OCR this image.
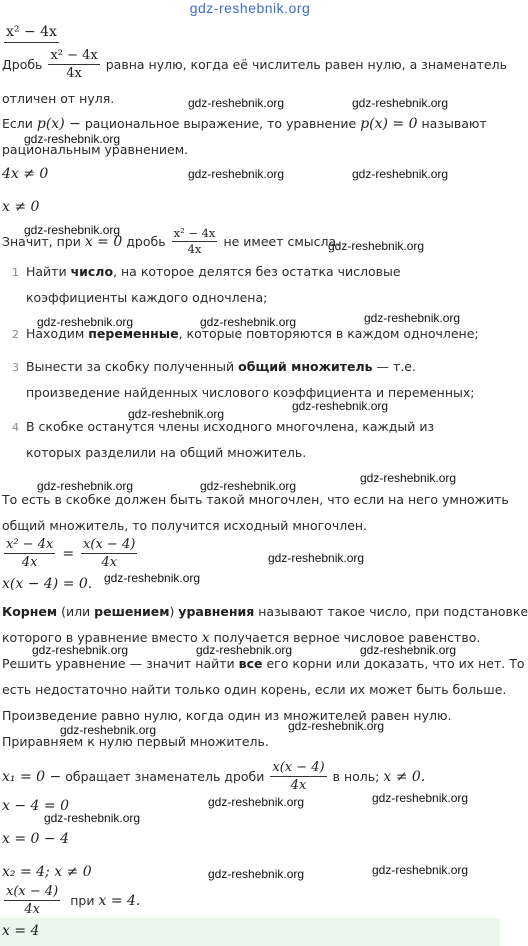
gdz-reshebnik.org
x² − 4x
Дробь $\frac{\text{x² − 4x}}{4x}$ равна нулю, когда её числитель равен нулю, а знаменатель
отличен от нуля.
Если p(x) − рациональное выражение, то уравнение p(x) = 0 называют
рациональным уравнением.
4x ≠ 0
x ≠ 0
Значит, при x = 0 дробь $\frac{\text{x² − 4x}}{4x}$ не имеет смысла.
1 Найти число, на которое делятся без остатка числовые коэффициенты каждого одночлена;
2 Находим переменные, которые повторяются в каждом одночлене;
3 Вынести за скобку полученный общий множитель — т.е. произведение найденных числового коэффициента и переменных;
4 В скобке останутся члены исходного многочлена, каждый из которых разделили на общий множитель.
То есть в скобке должен быть такой многочлен, что если на него умножить
общий множитель, то получится исходный многочлен.
$\frac{\text{x² − 4x}}{4x} = \frac{x(x - 4)}{4x}$
x(x − 4) = 0.
Корнем (или решением) уравнения называют такое число, при подстановке
которого в уравнение вместо x получается верное числовое равенство.
Решить уравнение — значит найти все его корни или доказать, что их нет. То
есть недостаточно найти только один корень, если их может быть больше.
Произведение равно нулю, когда один из множителей равен нулю.
Приравняем к нулю первый множитель.
x₁ = 0 − обращает знаменатель дроби $\frac{x(x - 4)}{4x}$ в ноль; x ≠ 0.
x − 4 = 0
x = 0 − 4
x₂ = 4; x ≠ 0
$\frac{x(x - 4)}{4x}$ при x = 4.
x = 4
gdz-reshebnik.org	gdz-reshebnik.org
gdz-reshebnik.org
gdz-reshebnik.org	gdz-reshebnik.org
gdz-reshebnik.org
gdz-reshebnik.org
gdz-reshebnik.org
gdz-reshebnik.org	gdz-reshebnik.org
gdz-reshebnik.org
gdz-reshebnik.org
gdz-reshebnik.org
gdz-reshebnik.org	gdz-reshebnik.org
gdz-reshebnik.org
gdz-reshebnik.org
gdz-reshebnik.org	gdz-reshebnik.org	gdz-reshebnik.org
gdz-reshebnik.org
gdz-reshebnik.org
gdz-reshebnik.org
gdz-reshebnik.org
gdz-reshebnik.org
gdz-reshebnik.org	gdz-reshebnik.org
